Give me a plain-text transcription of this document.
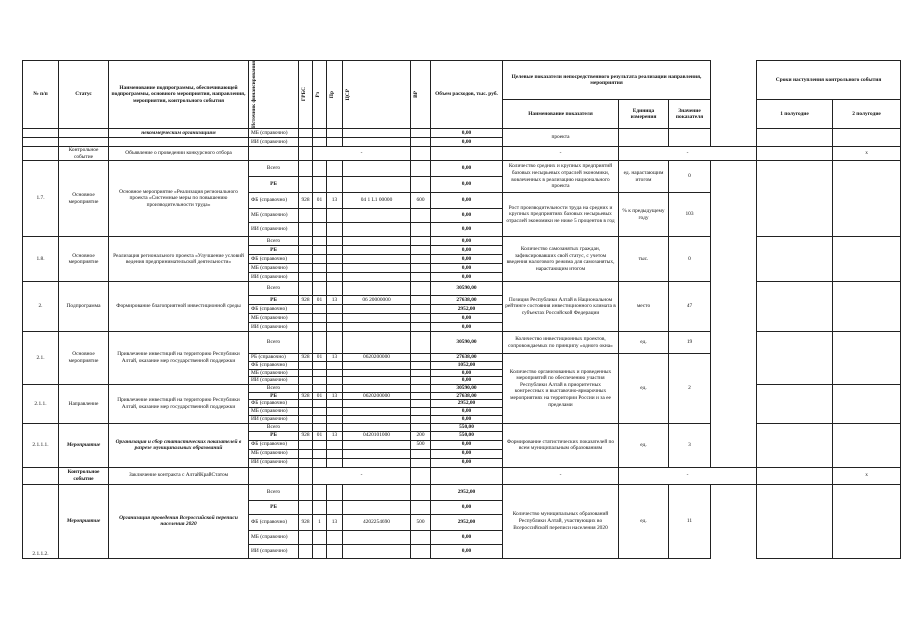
№ п/п	Статус	Наименование подпрограммы, обеспечивающей подпрограммы, основного мероприятия, направления, мероприятия, контрольного события	Источник финансирования	ГРБС	Рз	Пр	ЦСР	ВР	Объем расходов, тыс. руб.	Целевые показатели непосредственного результата реализации направления, мероприятия				Сроки наступления контрольного события		
										Наименование показателя	Единица измерения	Значение показателя		1 полугодие	2 полугодие	
		некоммерческим организациям	МБ (справочно)						0,00	проекта						
			ИИ (справочно)						0,00							
	Контрольное событие	Объявление о проведении конкурсного отбора			-					-	-				x	
1.7.	Основное мероприятие	Основное мероприятие «Реализация регионального проекта «Системные меры по повышению производительности труда»	Всего						0,00	Количество средних и крупных предприятий базовых несырьевых отраслей экономики, вовлеченных в реализацию национального проекта	ед. нарастающим итогом	0				
			РБ						0,00							
			ФБ (справочно)	928	01	13	04 1 L1 00000	600	0,00	Рост производительности труда на средних и крупных предприятиях базовых несырьевых отраслей экономики не ниже 5 процентов в год	% к предыдущему году	103				
			МБ (справочно)						0,00							
			ИИ (справочно)						0,00							
1.8.	Основное мероприятие	Реализация регионального проекта «Улучшение условий ведения предпринимательской деятельности»	Всего						0,00	Количество самозанятых граждан, зафиксировавших свой статус, с учетом введения налогового режима для самозанятых, нарастающим итогом	тыс.	0				
			РБ						0,00							
			ФБ (справочно)						0,00							
			МБ (справочно)						0,00							
			ИИ (справочно)						0,00							
2.	Подпрограмма	Формирование благоприятной инвестиционной среды	Всего						30590,00	Позиция Республики Алтай в Национальном рейтинге состояния инвестиционного климата в субъектах Российской Федерации	место	47				
			РБ	928	01	13	06 20000000		27638,00							
			ФБ (справочно)						2952,00							
			МБ (справочно)						0,00							
			ИИ (справочно)						0,00							
2.1.	Основное мероприятие	Привлечение инвестиций на территорию Республики Алтай, оказание мер государственной поддержки	Всего						30590,00	Количество инвестиционных проектов, сопровождаемых по принципу «одного окна»	ед.	19				
			РБ (справочно)	928	01	13	0620200000		27638,00	Количество организованных и проведенных мероприятий по обеспечению участия Республики Алтай в приоритетных конгрессных и выставочно-ярмарочных мероприятиях на территории России и за ее пределами	ед.	2				
			ФБ (справочно)						1052,00							
			МБ (справочно)						0,00							
			ИИ (справочно)						0,00							
2.1.1.	Направление	Привлечение инвестиций на территорию Республики Алтай, оказание мер государственной поддержки	Всего						30590,00							
			РБ	928	01	13	0620200000		27638,00							
			ФБ (справочно)						2952,00							
			МБ (справочно)						0,00							
			ИИ (справочно)						0,00							
2.1.1.1.	Мероприятие	Организация и сбор статистических показателей в разрезе муниципальных образований	Всего						550,00	Формирование статистических показателей по всем муниципальным образованиям	ед.	3				
			РБ	928	01	13	0420101000	200	550,00							
			ФБ (справочно)					500	0,00							
			МБ (справочно)						0,00							
			ИИ (справочно)						0,00							
	Контрольное событие	Заключение контракта с АлтайКрайСтатом			-					-	-				x	
2.1.1.2.	Мероприятие	Организация проведения Всероссийской переписи населения 2020	Всего						2952,00	Количество муниципальных образований Республики Алтай, участвующих во Всероссийской переписи населения 2020	ед.	11				
			РБ						0,00							
			ФБ (справочно)	928	1	13	4202254690	500	2952,00							
			МБ (справочно)						0,00							
			ИИ (справочно)						0,00							
